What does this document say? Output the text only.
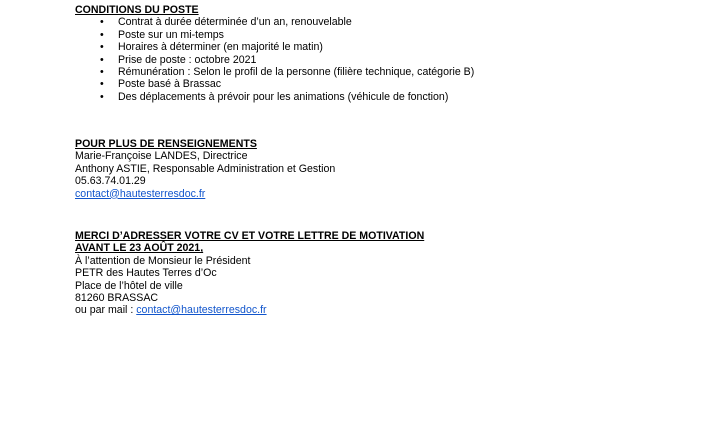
CONDITIONS DU POSTE

• Contrat à durée déterminée d’un an, renouvelable
• Poste sur un mi-temps
• Horaires à déterminer (en majorité le matin)
• Prise de poste : octobre 2021
• Rémunération : Selon le profil de la personne (filière technique, catégorie B)
• Poste basé à Brassac
• Des déplacements à prévoir pour les animations (véhicule de fonction)

POUR PLUS DE RENSEIGNEMENTS

Marie-Françoise LANDES, Directrice
Anthony ASTIE, Responsable Administration et Gestion
05.63.74.01.29
contact@hautesterresdoc.fr

MERCI D’ADRESSER VOTRE CV ET VOTRE LETTRE DE MOTIVATION

AVANT LE 23 AOÛT 2021,

À l’attention de Monsieur le Président
PETR des Hautes Terres d’Oc
Place de l’hôtel de ville
81260 BRASSAC
ou par mail : contact@hautesterresdoc.fr
